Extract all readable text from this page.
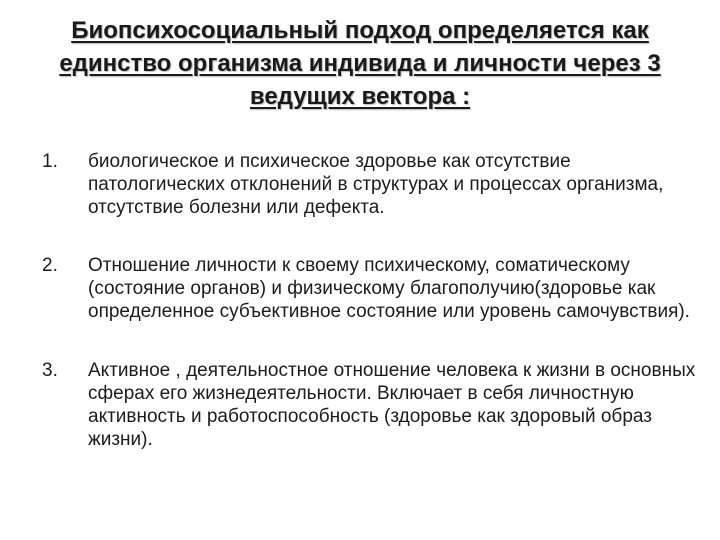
Биопсихосоциальный подход определяется как единство организма индивида и личности через 3 ведущих вектора :
1. биологическое и психическое здоровье как отсутствие патологических отклонений в структурах и процессах организма, отсутствие болезни или дефекта.
2. Отношение личности к своему психическому, соматическому (состояние органов) и физическому благополучию(здоровье как определенное субъективное состояние или уровень самочувствия).
3. Активное , деятельностное отношение человека к жизни в основных сферах его жизнедеятельности. Включает в себя личностную активность и работоспособность (здоровье как здоровый образ жизни).
